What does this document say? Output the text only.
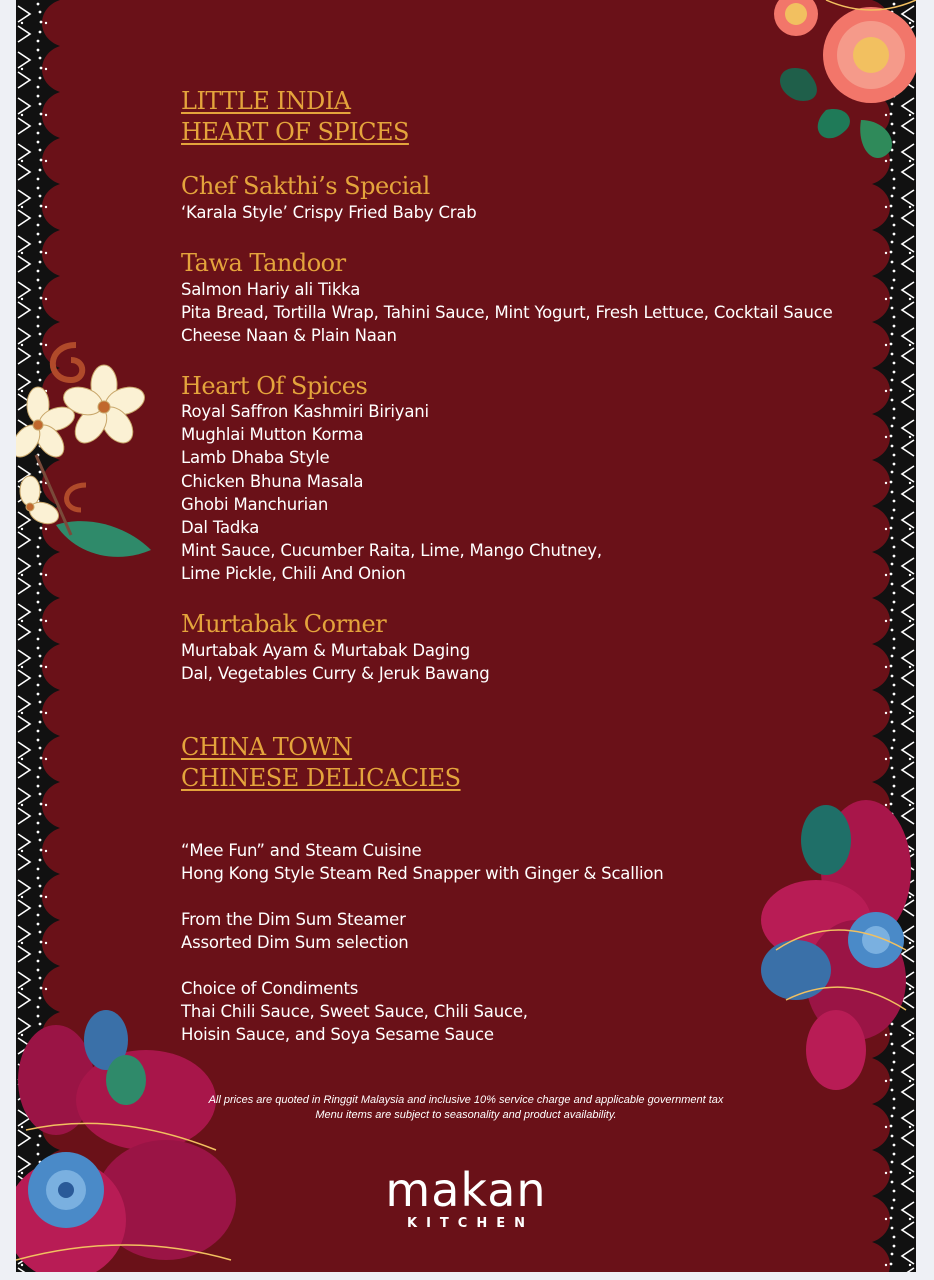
LITTLE INDIA
HEART OF SPICES
Chef Sakthi’s Special
‘Karala Style’ Crispy Fried Baby Crab
Tawa Tandoor
Salmon Hariy ali Tikka
Pita Bread, Tortilla Wrap, Tahini Sauce, Mint Yogurt, Fresh Lettuce, Cocktail Sauce
Cheese Naan & Plain Naan
Heart Of Spices
Royal Saffron Kashmiri Biriyani
Mughlai Mutton Korma
Lamb Dhaba Style
Chicken Bhuna Masala
Ghobi Manchurian
Dal Tadka
Mint Sauce, Cucumber Raita, Lime, Mango Chutney,
Lime Pickle, Chili And Onion
Murtabak Corner
Murtabak Ayam & Murtabak Daging
Dal, Vegetables Curry & Jeruk Bawang
CHINA TOWN
CHINESE DELICACIES
“Mee Fun” and Steam Cuisine
Hong Kong Style Steam Red Snapper with Ginger & Scallion
From the Dim Sum Steamer
Assorted Dim Sum selection
Choice of Condiments
Thai Chili Sauce, Sweet Sauce, Chili Sauce,
Hoisin Sauce, and Soya Sesame Sauce
All prices are quoted in Ringgit Malaysia and inclusive 10% service charge and applicable government tax
Menu items are subject to seasonality and product availability.
makan
KITCHEN
